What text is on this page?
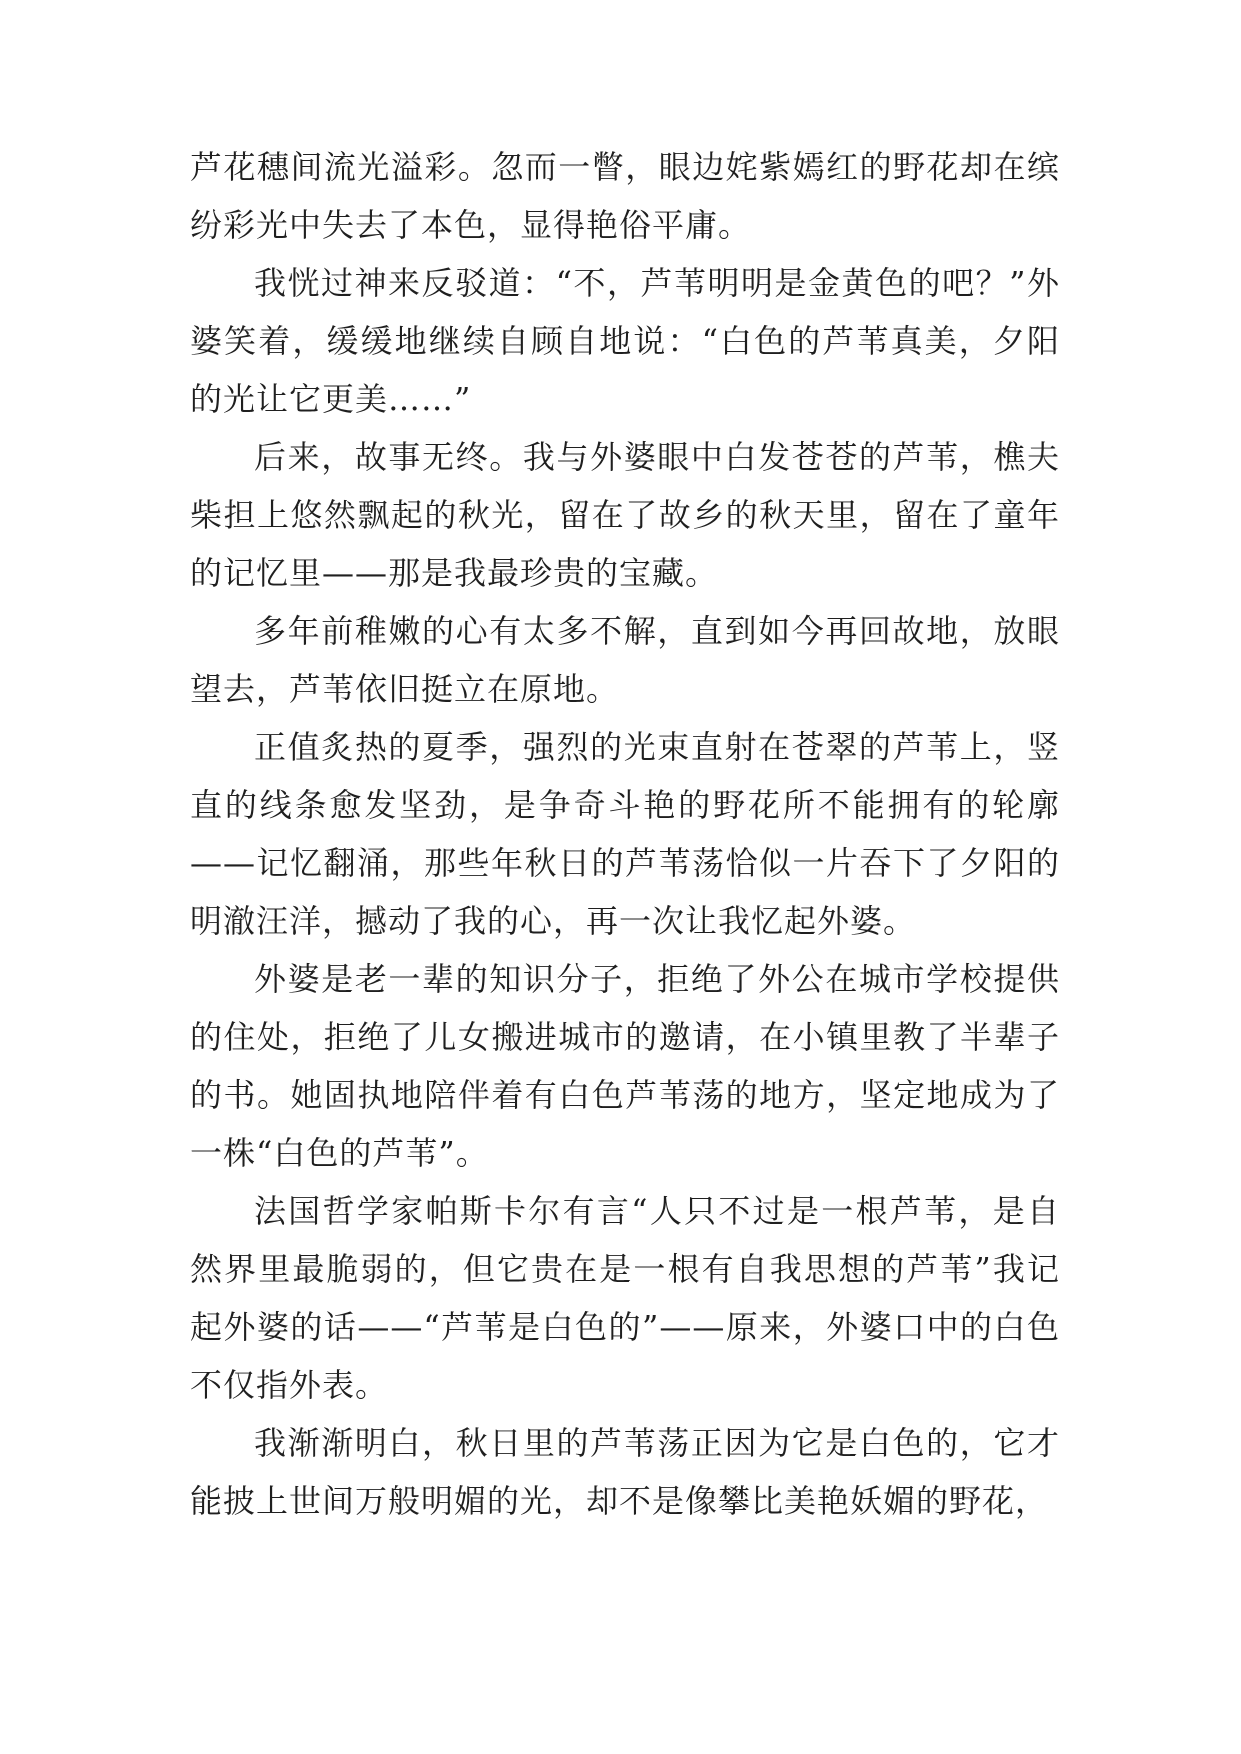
芦花穗间流光溢彩。忽而一瞥，眼边姹紫嫣红的野花却在缤纷彩光中失去了本色，显得艳俗平庸。

我恍过神来反驳道：“不，芦苇明明是金黄色的吧？”外婆笑着，缓缓地继续自顾自地说：“白色的芦苇真美，夕阳的光让它更美……”

后来，故事无终。我与外婆眼中白发苍苍的芦苇，樵夫柴担上悠然飘起的秋光，留在了故乡的秋天里，留在了童年的记忆里——那是我最珍贵的宝藏。

多年前稚嫩的心有太多不解，直到如今再回故地，放眼望去，芦苇依旧挺立在原地。

正值炙热的夏季，强烈的光束直射在苍翠的芦苇上，竖直的线条愈发坚劲，是争奇斗艳的野花所不能拥有的轮廓——记忆翻涌，那些年秋日的芦苇荡恰似一片吞下了夕阳的明澈汪洋，撼动了我的心，再一次让我忆起外婆。

外婆是老一辈的知识分子，拒绝了外公在城市学校提供的住处，拒绝了儿女搬进城市的邀请，在小镇里教了半辈子的书。她固执地陪伴着有白色芦苇荡的地方，坚定地成为了一株“白色的芦苇”。

法国哲学家帕斯卡尔有言“人只不过是一根芦苇，是自然界里最脆弱的，但它贵在是一根有自我思想的芦苇”我记起外婆的话——“芦苇是白色的”——原来，外婆口中的白色不仅指外表。

我渐渐明白，秋日里的芦苇荡正因为它是白色的，它才能披上世间万般明媚的光，却不是像攀比美艳妖媚的野花，
